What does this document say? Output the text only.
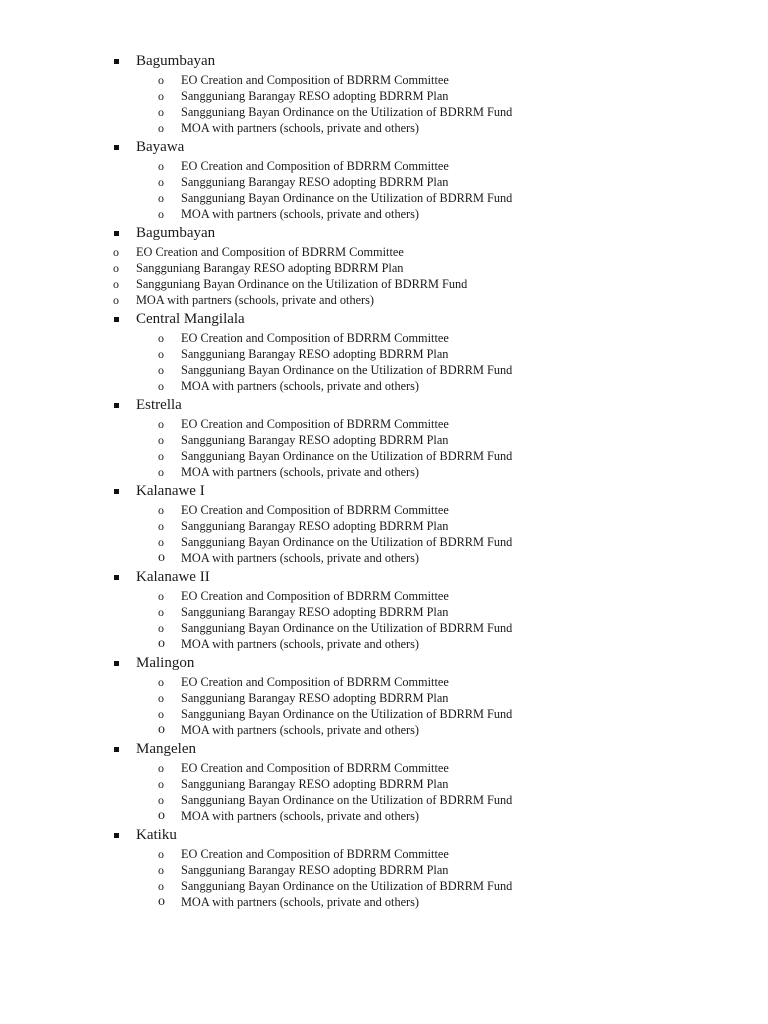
Bagumbayan
o EO Creation and Composition of BDRRM Committee
o Sangguniang Barangay RESO adopting BDRRM Plan
o Sangguniang Bayan Ordinance on the Utilization of BDRRM Fund
o MOA with partners (schools, private and others)
Bayawa
o EO Creation and Composition of BDRRM Committee
o Sangguniang Barangay RESO adopting BDRRM Plan
o Sangguniang Bayan Ordinance on the Utilization of BDRRM Fund
o MOA with partners (schools, private and others)
Bagumbayan
o EO Creation and Composition of BDRRM Committee
o Sangguniang Barangay RESO adopting BDRRM Plan
o Sangguniang Bayan Ordinance on the Utilization of BDRRM Fund
o MOA with partners (schools, private and others)
Central Mangilala
o EO Creation and Composition of BDRRM Committee
o Sangguniang Barangay RESO adopting BDRRM Plan
o Sangguniang Bayan Ordinance on the Utilization of BDRRM Fund
o MOA with partners (schools, private and others)
Estrella
o EO Creation and Composition of BDRRM Committee
o Sangguniang Barangay RESO adopting BDRRM Plan
o Sangguniang Bayan Ordinance on the Utilization of BDRRM Fund
o MOA with partners (schools, private and others)
Kalanawe I
o EO Creation and Composition of BDRRM Committee
o Sangguniang Barangay RESO adopting BDRRM Plan
o Sangguniang Bayan Ordinance on the Utilization of BDRRM Fund
o MOA with partners (schools, private and others)
Kalanawe II
o EO Creation and Composition of BDRRM Committee
o Sangguniang Barangay RESO adopting BDRRM Plan
o Sangguniang Bayan Ordinance on the Utilization of BDRRM Fund
o MOA with partners (schools, private and others)
Malingon
o EO Creation and Composition of BDRRM Committee
o Sangguniang Barangay RESO adopting BDRRM Plan
o Sangguniang Bayan Ordinance on the Utilization of BDRRM Fund
o MOA with partners (schools, private and others)
Mangelen
o EO Creation and Composition of BDRRM Committee
o Sangguniang Barangay RESO adopting BDRRM Plan
o Sangguniang Bayan Ordinance on the Utilization of BDRRM Fund
o MOA with partners (schools, private and others)
Katiku
o EO Creation and Composition of BDRRM Committee
o Sangguniang Barangay RESO adopting BDRRM Plan
o Sangguniang Bayan Ordinance on the Utilization of BDRRM Fund
o MOA with partners (schools, private and others)
